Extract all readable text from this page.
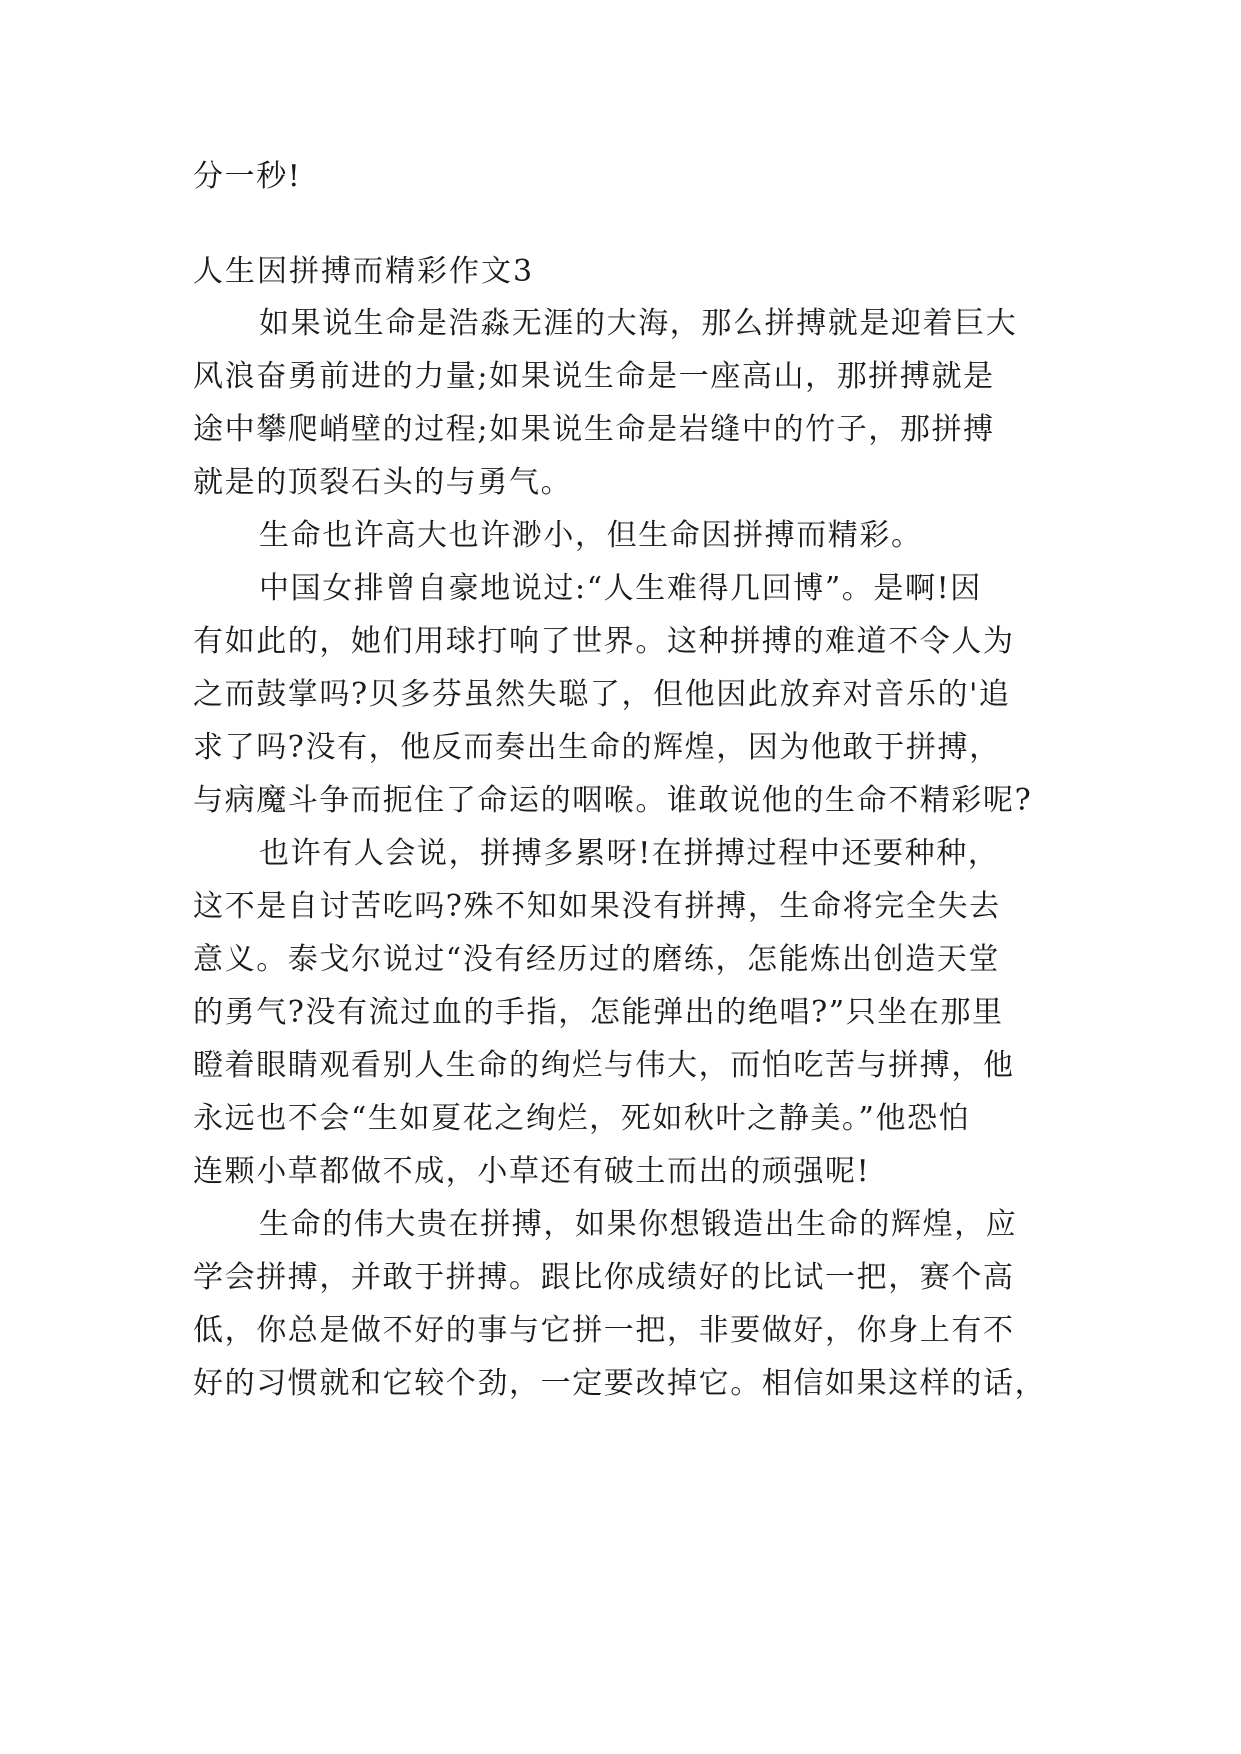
分一秒!
人生因拼搏而精彩作文3
如果说生命是浩淼无涯的大海，那么拼搏就是迎着巨大
风浪奋勇前进的力量;如果说生命是一座高山，那拼搏就是
途中攀爬峭壁的过程;如果说生命是岩缝中的竹子，那拼搏
就是的顶裂石头的与勇气。
生命也许高大也许渺小，但生命因拼搏而精彩。
中国女排曾自豪地说过:“人生难得几回博”。是啊!因
有如此的，她们用球打响了世界。这种拼搏的难道不令人为
之而鼓掌吗?贝多芬虽然失聪了，但他因此放弃对音乐的'追
求了吗?没有，他反而奏出生命的辉煌，因为他敢于拼搏，
与病魔斗争而扼住了命运的咽喉。谁敢说他的生命不精彩呢?
也许有人会说，拼搏多累呀!在拼搏过程中还要种种，
这不是自讨苦吃吗?殊不知如果没有拼搏，生命将完全失去
意义。泰戈尔说过“没有经历过的磨练，怎能炼出创造天堂
的勇气?没有流过血的手指，怎能弹出的绝唱?”只坐在那里
瞪着眼睛观看别人生命的绚烂与伟大，而怕吃苦与拼搏，他
永远也不会“生如夏花之绚烂，死如秋叶之静美。”他恐怕
连颗小草都做不成，小草还有破土而出的顽强呢!
生命的伟大贵在拼搏，如果你想锻造出生命的辉煌，应
学会拼搏，并敢于拼搏。跟比你成绩好的比试一把，赛个高
低，你总是做不好的事与它拼一把，非要做好，你身上有不
好的习惯就和它较个劲，一定要改掉它。相信如果这样的话，
